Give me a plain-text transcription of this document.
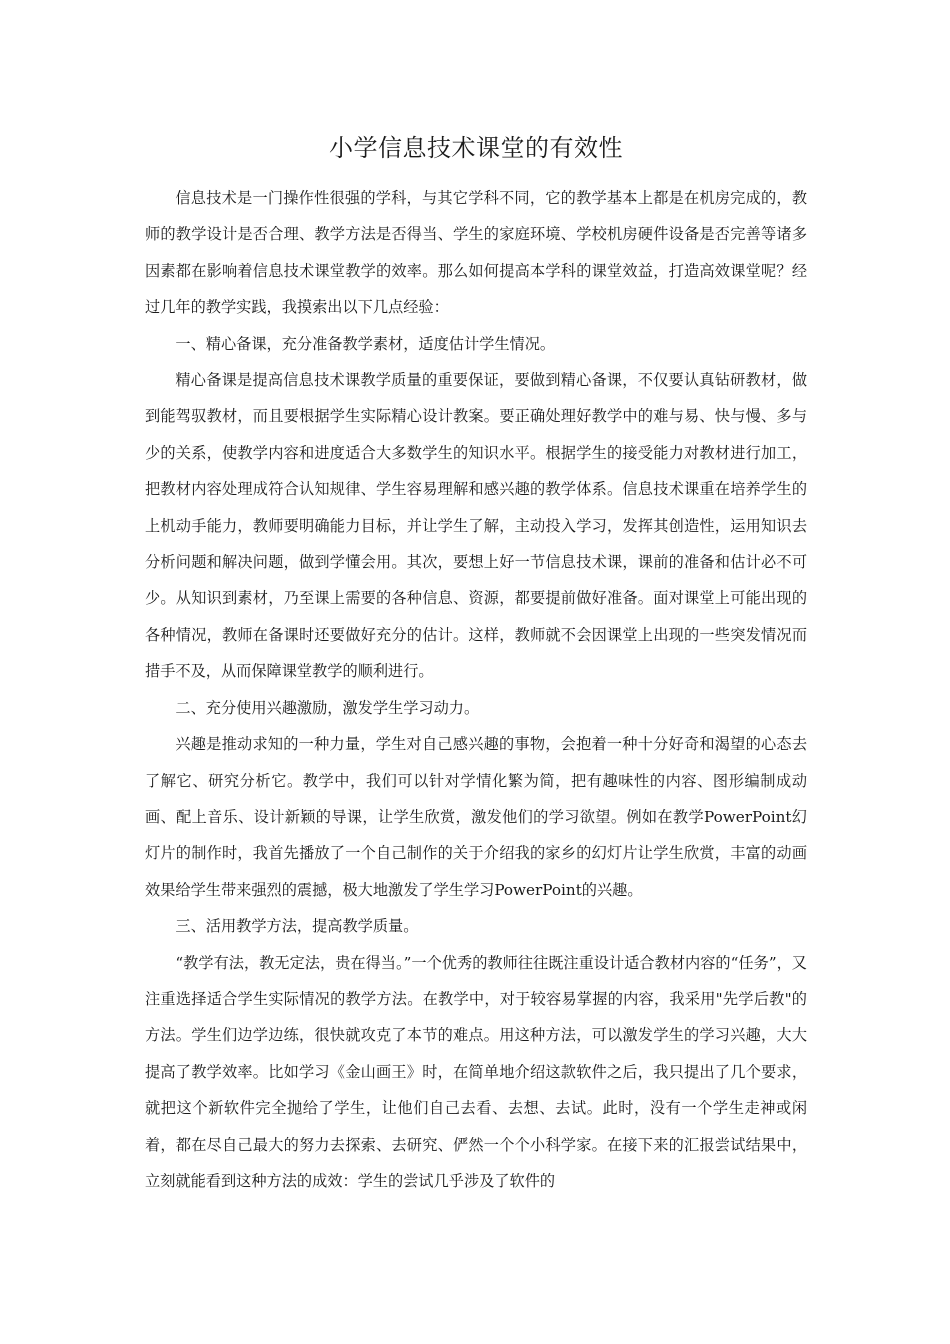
小学信息技术课堂的有效性

信息技术是一门操作性很强的学科，与其它学科不同，它的教学基本上都是在机房完成的，教师的教学设计是否合理、教学方法是否得当、学生的家庭环境、学校机房硬件设备是否完善等诸多因素都在影响着信息技术课堂教学的效率。那么如何提高本学科的课堂效益，打造高效课堂呢？经过几年的教学实践，我摸索出以下几点经验：

一、精心备课，充分准备教学素材，适度估计学生情况。

精心备课是提高信息技术课教学质量的重要保证，要做到精心备课，不仅要认真钻研教材，做到能驾驭教材，而且要根据学生实际精心设计教案。要正确处理好教学中的难与易、快与慢、多与少的关系，使教学内容和进度适合大多数学生的知识水平。根据学生的接受能力对教材进行加工，把教材内容处理成符合认知规律、学生容易理解和感兴趣的教学体系。信息技术课重在培养学生的上机动手能力，教师要明确能力目标，并让学生了解，主动投入学习，发挥其创造性，运用知识去分析问题和解决问题，做到学懂会用。其次，要想上好一节信息技术课，课前的准备和估计必不可少。从知识到素材，乃至课上需要的各种信息、资源，都要提前做好准备。面对课堂上可能出现的各种情况，教师在备课时还要做好充分的估计。这样，教师就不会因课堂上出现的一些突发情况而措手不及，从而保障课堂教学的顺利进行。

二、充分使用兴趣激励，激发学生学习动力。

兴趣是推动求知的一种力量，学生对自己感兴趣的事物，会抱着一种十分好奇和渴望的心态去了解它、研究分析它。教学中，我们可以针对学情化繁为简，把有趣味性的内容、图形编制成动画、配上音乐、设计新颖的导课，让学生欣赏，激发他们的学习欲望。例如在教学PowerPoint幻灯片的制作时，我首先播放了一个自己制作的关于介绍我的家乡的幻灯片让学生欣赏，丰富的动画效果给学生带来强烈的震撼，极大地激发了学生学习PowerPoint的兴趣。

三、活用教学方法，提高教学质量。

“教学有法，教无定法，贵在得当。”一个优秀的教师往往既注重设计适合教材内容的“任务”，又注重选择适合学生实际情况的教学方法。在教学中，对于较容易掌握的内容，我采用"先学后教"的方法。学生们边学边练，很快就攻克了本节的难点。用这种方法，可以激发学生的学习兴趣，大大提高了教学效率。比如学习《金山画王》时，在简单地介绍这款软件之后，我只提出了几个要求，就把这个新软件完全抛给了学生，让他们自己去看、去想、去试。此时，没有一个学生走神或闲着，都在尽自己最大的努力去探索、去研究、俨然一个个小科学家。在接下来的汇报尝试结果中，立刻就能看到这种方法的成效：学生的尝试几乎涉及了软件的
